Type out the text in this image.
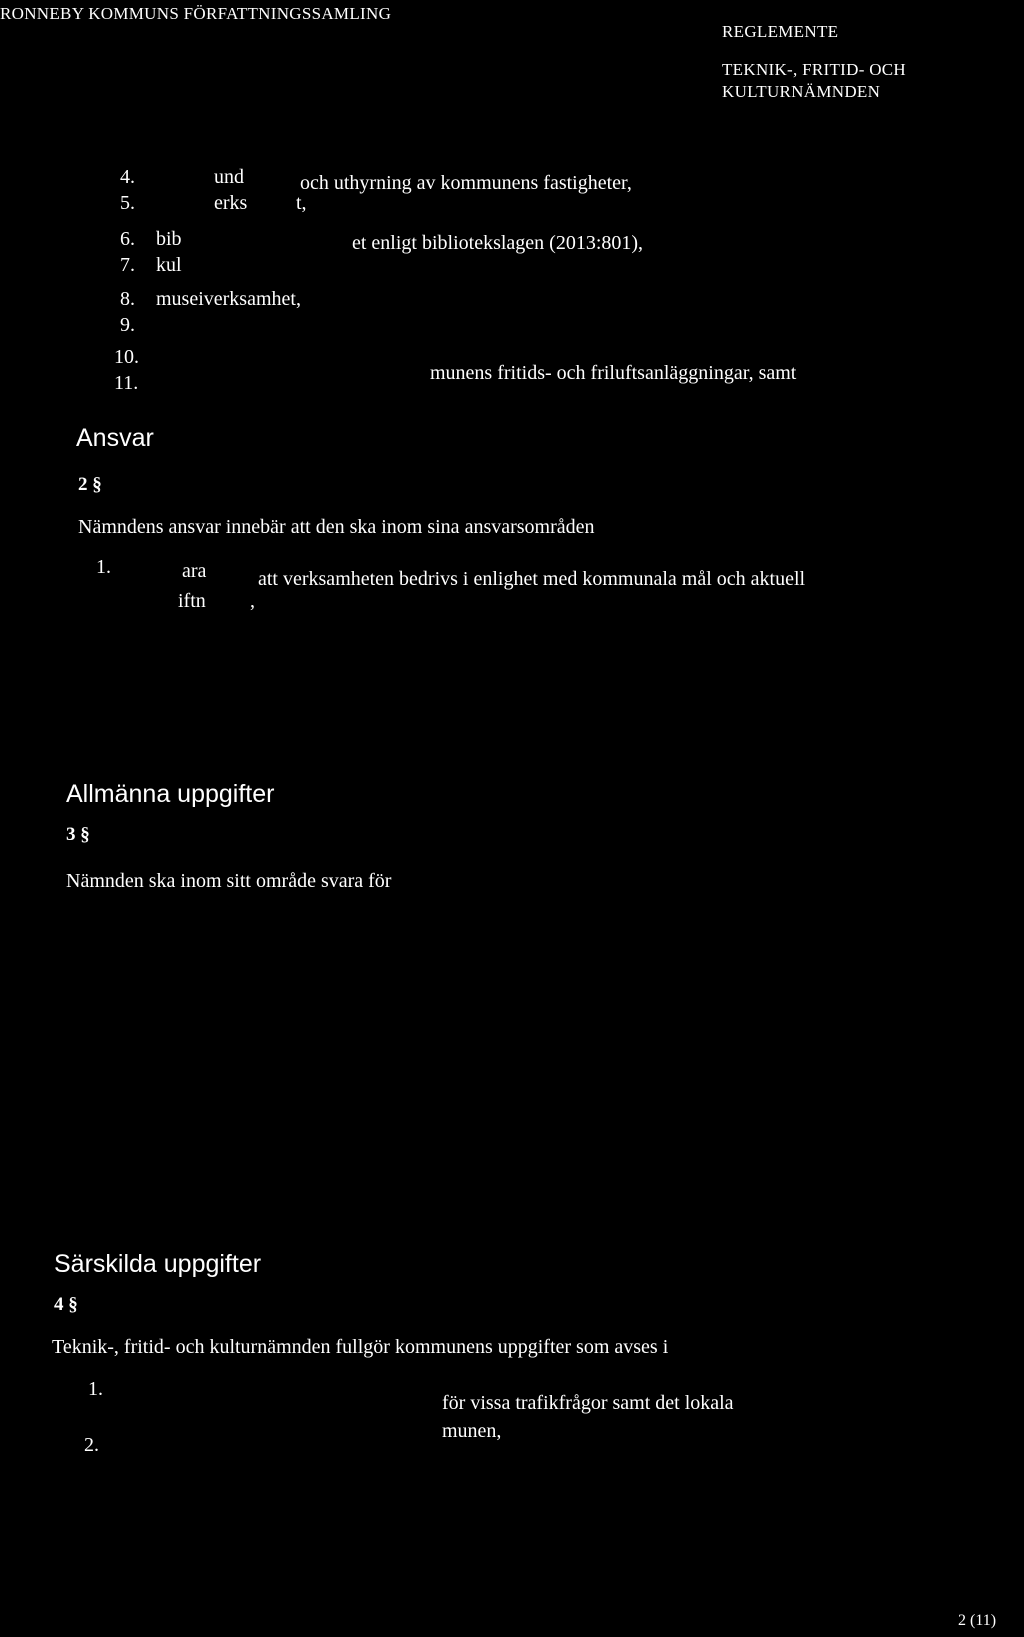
RONNEBY KOMMUNS FÖRFATTNINGSSAMLING
REGLEMENTE
TEKNIK-, FRITID- OCH
KULTURNÄMNDEN
4.	und	och uthyrning av kommunens fastigheter,
5.	erks t,
6. bib	et enligt bibliotekslagen (2013:801),
7. kul
8. museiverksamhet,
9.
10.
11.	munens fritids- och friluftsanläggningar, samt
Ansvar
2 §
Nämndens ansvar innebär att den ska inom sina ansvarsområden
1.	ara	att verksamheten bedrivs i enlighet med kommunala mål och aktuell
iftn ,
Allmänna uppgifter
3 §
Nämnden ska inom sitt område svara för
Särskilda uppgifter
4 §
Teknik-, fritid- och kulturnämnden fullgör kommunens uppgifter som avses i
1.
för vissa trafikfrågor samt det lokala
munen,
2.
2 (11)
